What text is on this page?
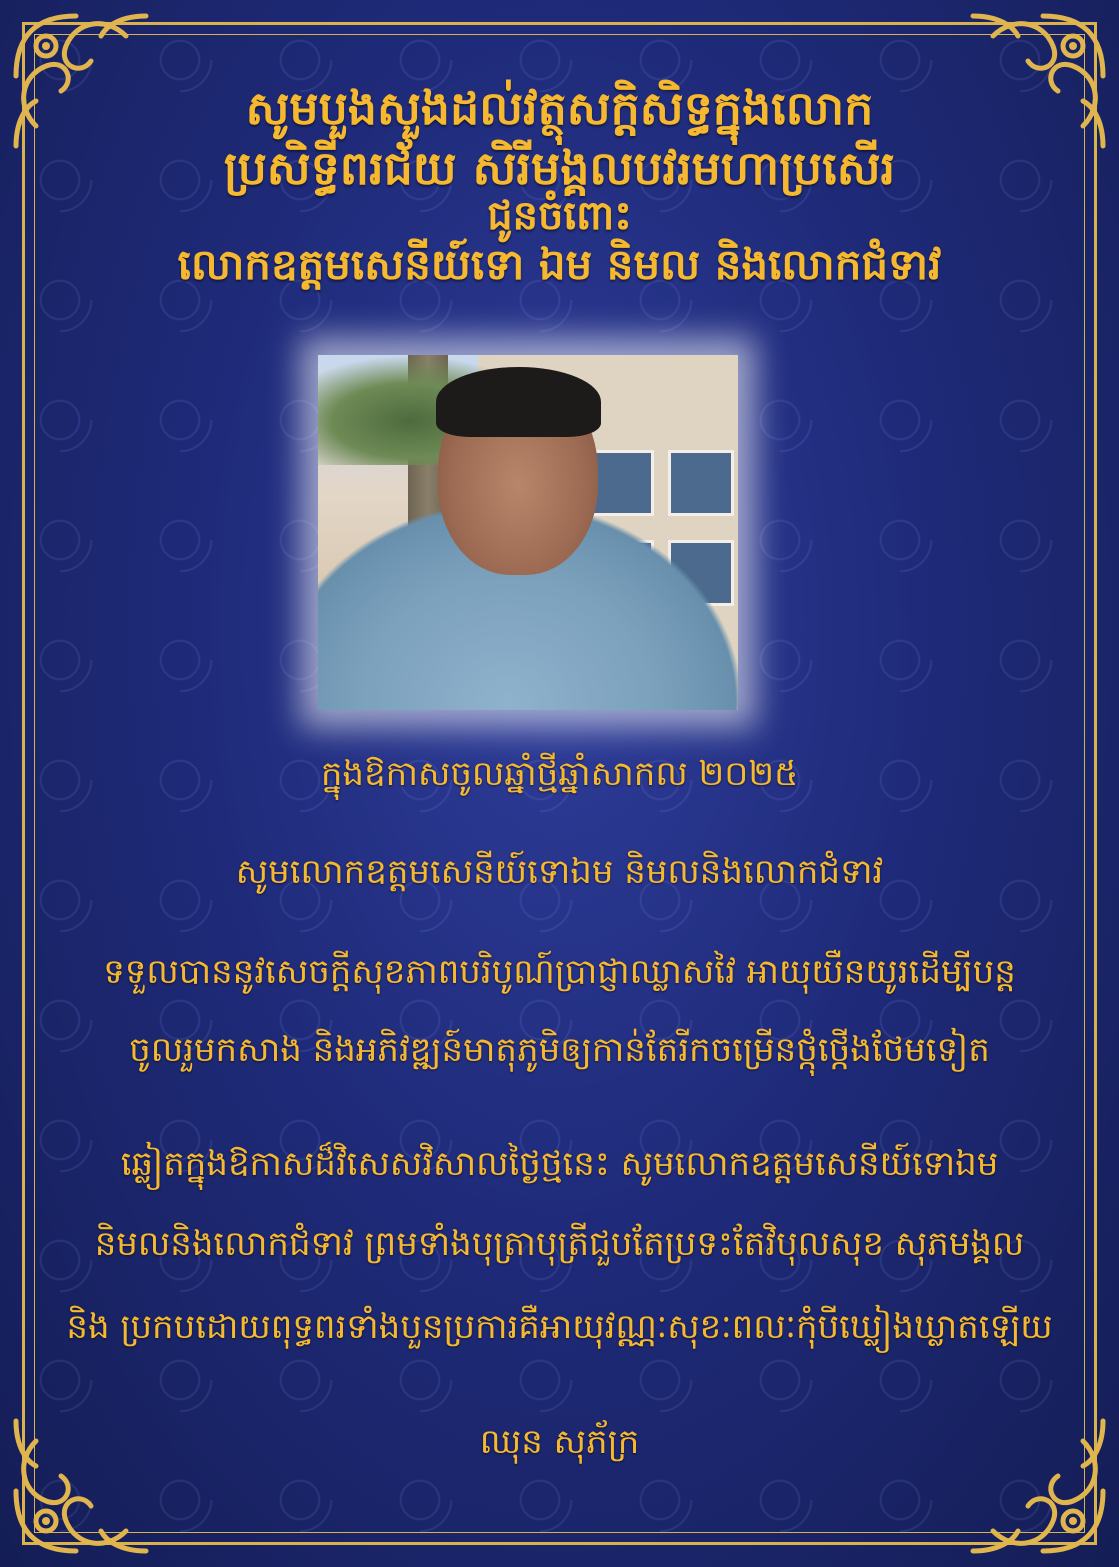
សូមបួងសួងដល់វត្ថុសក្តិសិទ្ធក្នុងលោក
ប្រសិទ្ធីពរជ័យ សិរីមង្គលបវរមហាប្រសើរ
ជូនចំពោះ
លោកឧត្តមសេនីយ៍ទោ ឯម និមល និងលោកជំទាវ
ក្នុងឱកាសចូលឆ្នាំថ្មីឆ្នាំសាកល ២០២៥
សូមលោកឧត្តមសេនីយ៍ទោឯម និមលនិងលោកជំទាវ
ទទួលបាននូវសេចក្តីសុខភាពបរិបូណ៍ប្រាជ្ញាឈ្លាសវៃ អាយុយឺនយូរដើម្បីបន្ត
ចូលរួមកសាង និងអភិវឌ្ឍន៍មាតុភូមិឲ្យកាន់តែរីកចម្រើនថ្កុំថ្កើងថែមទៀត
ឆ្លៀតក្នុងឱកាសដ៏វិសេសវិសាលថ្ងៃថ្មនេះ សូមលោកឧត្តមសេនីយ៍ទោឯម
និមលនិងលោកជំទាវ ព្រមទាំងបុត្រាបុត្រីជួបតែប្រទះតែវិបុលសុខ សុភមង្គល
និង ប្រកបដោយពុទ្ធពរទាំងបួនប្រការគឺអាយុវណ្ណៈសុខៈពលៈកុំបីឃ្លៀងឃ្លាតឡើយ
ឈុន សុភ័ក្រ
